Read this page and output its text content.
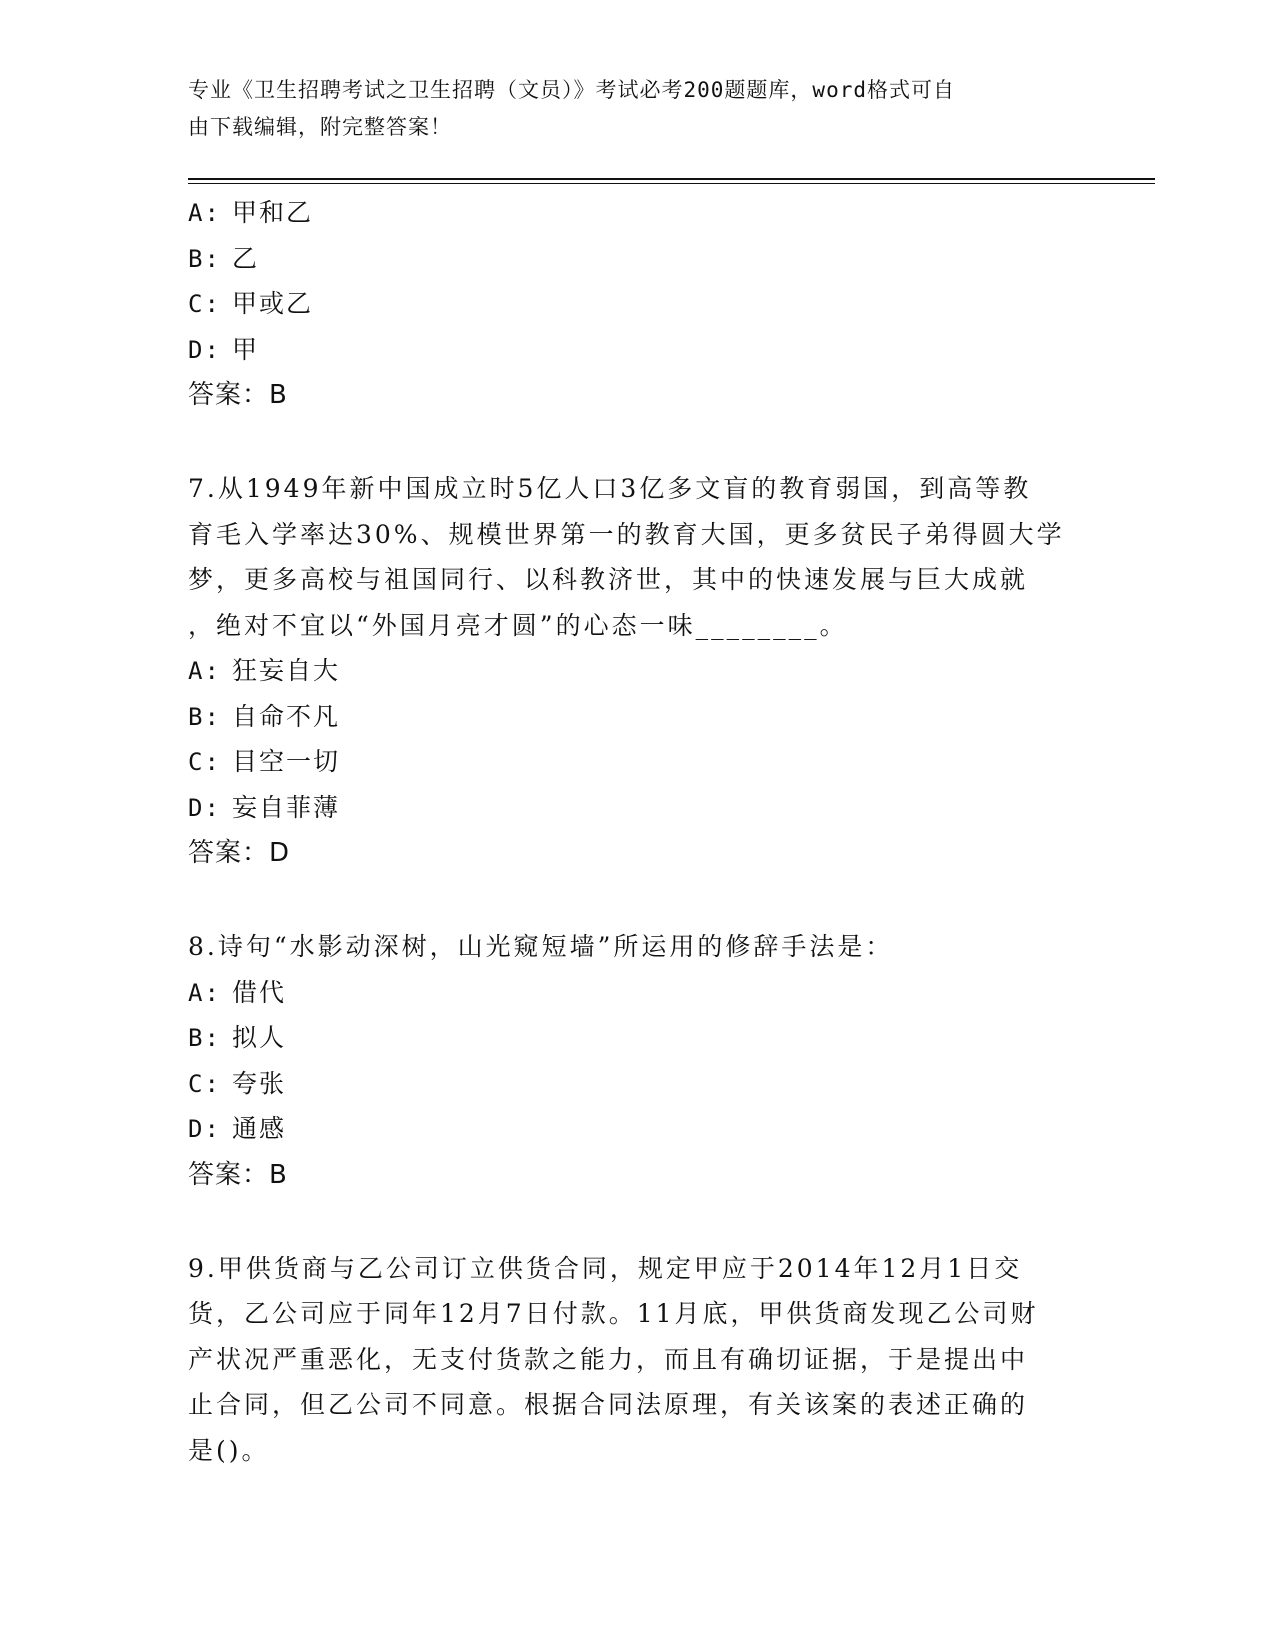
专业《卫生招聘考试之卫生招聘（文员）》考试必考200题题库，word格式可自
由下载编辑，附完整答案！
A: 甲和乙
B: 乙
C: 甲或乙
D: 甲
答案：B
7.从1949年新中国成立时5亿人口3亿多文盲的教育弱国，到高等教
育毛入学率达30%、规模世界第一的教育大国，更多贫民子弟得圆大学
梦，更多高校与祖国同行、以科教济世，其中的快速发展与巨大成就
，绝对不宜以“外国月亮才圆”的心态一味________。
A: 狂妄自大
B: 自命不凡
C: 目空一切
D: 妄自菲薄
答案：D
8.诗句“水影动深树，山光窥短墙”所运用的修辞手法是：
A: 借代
B: 拟人
C: 夸张
D: 通感
答案：B
9.甲供货商与乙公司订立供货合同，规定甲应于2014年12月1日交
货，乙公司应于同年12月7日付款。11月底，甲供货商发现乙公司财
产状况严重恶化，无支付货款之能力，而且有确切证据，于是提出中
止合同，但乙公司不同意。根据合同法原理，有关该案的表述正确的
是()。
